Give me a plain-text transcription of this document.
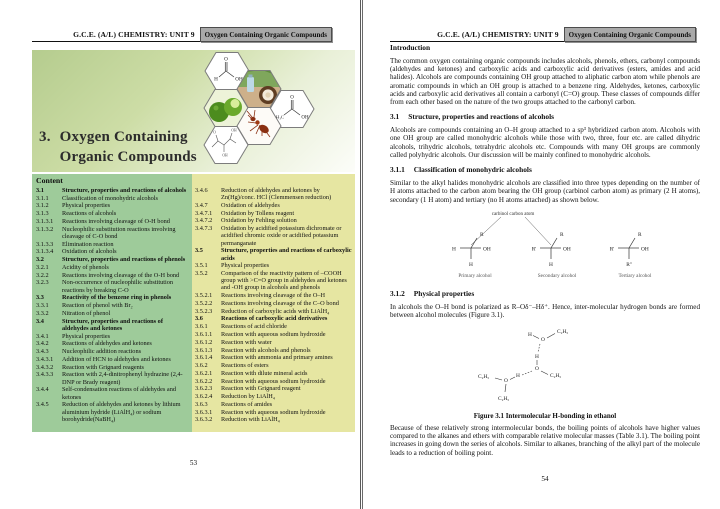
G.C.E. (A/L) CHEMISTRY: UNIT 9	Oxygen Containing Organic Compounds
3. Oxygen Containing
Organic Compounds
O
H	OH
O
H₃C	OH
OH
O	OH
Content
3.1	Structure, properties and reactions of alcohols
3.1.1	Classification of monohydric alcohols
3.1.2	Physical properties
3.1.3	Reactions of alcohols
3.1.3.1	Reactions involving cleavage of O-H bond
3.1.3.2	Nucleophilic substitution reactions involving cleavage of C-O bond
3.1.3.3	Elimination reaction
3.1.3.4	Oxidation of alcohols
3.2	Structure, properties and reactions of phenols
3.2.1	Acidity of phenols
3.2.2	Reactions involving cleavage of the O-H bond
3.2.3	Non-occurrence of nucleophilic substitution reactions by breaking C-O
3.3	Reactivity of the benzene ring in phenols
3.3.1	Reaction of phenol with Br₂
3.3.2	Nitration of phenol
3.4	Structure, properties and reactions of aldehydes and ketones
3.4.1	Physical properties
3.4.2	Reactions of aldehydes and ketones
3.4.3	Nucleophilic addition reactions
3.4.3.1	Addition of HCN to aldehydes and ketones
3.4.3.2	Reaction with Grignard reagents
3.4.3.3	Reaction with 2,4-dinitrophenyl hydrazine (2,4-DNP or Brady reagent)
3.4.4	Self-condensation reactions of aldehydes and ketones
3.4.5	Reduction of aldehydes and ketones by lithium aluminium hydride (LiAlH₄) or sodium borohydride(NaBH₄)
3.4.6	Reduction of aldehydes and ketones by Zn(Hg)/conc. HCl (Clemmensen reduction)
3.4.7	Oxidation of aldehydes
3.4.7.1	Oxidation by Tollens reagent
3.4.7.2	Oxidation by Fehling solution
3.4.7.3	Oxidation by acidified potassium dichromate or acidified chromic oxide or acidified potassium permanganate
3.5	Structure, properties and reactions of carboxylic acids
3.5.1	Physical properties
3.5.2	Comparison of the reactivity pattern of –COOH group with >C=O group in aldehydes and ketones and -OH group in alcohols and phenols
3.5.2.1	Reactions involving cleavage of the O–H
3.5.2.2	Reactions involving cleavage of the C–O bond
3.5.2.3	Reduction of carboxylic acids with LiAlH₄
3.6	Reactions of carboxylic acid derivatives
3.6.1	Reactions of acid chloride
3.6.1.1	Reaction with aqueous sodium hydroxide
3.6.1.2	Reaction with water
3.6.1.3	Reaction with alcohols and phenols
3.6.1.4	Reaction with ammonia and primary amines
3.6.2	Reactions of esters
3.6.2.1	Reaction with dilute mineral acids
3.6.2.2	Reaction with aqueous sodium hydroxide
3.6.2.3	Reaction with Grignard reagent
3.6.2.4	Reduction by LiAlH₄
3.6.3	Reactions of amides
3.6.3.1	Reaction with aqueous sodium hydroxide
3.6.3.2	Reduction with LiAlH₄
53
G.C.E. (A/L) CHEMISTRY: UNIT 9	Oxygen Containing Organic Compounds
Introduction

The common oxygen containing organic compounds includes alcohols, phenols, ethers, carbonyl compounds (aldehydes and ketones) and carboxylic acids and carboxylic acid derivatives (esters, amides and acid halides). Alcohols are compounds containing OH group attached to aliphatic carbon atom while phenols are aromatic compounds in which an OH group is attached to a benzene ring. Aldehydes, ketones, carboxylic acids and carboxylic acid derivatives all contain a carbonyl (C=O) group. These classes of compounds differ from each other based on the nature of the two groups attached to the carbonyl carbon.

3.1 Structure, properties and reactions of alcohols

Alcohols are compounds containing an O–H group attached to a sp³ hybridized carbon atom. Alcohols with one OH group are called monohydric alcohols while those with two, three, four etc. are called dihydric alcohols, trihydric alcohols, tetrahydric alcohols etc. Compounds with many OH groups are commonly called polyhydric alcohols. Our discussion will be mainly confined to monohydric alcohols.

3.1.1 Classification of monohydric alcohols

Similar to the alkyl halides monohydric alcohols are classified into three types depending on the number of H atoms attached to the carbon atom bearing the OH group (carbinol carbon atom) as primary (2 H atoms), secondary (1 H atom) and tertiary (no H atoms attached) as shown below.

carbinol carbon atom
R
H
H
OH
Primary alcohol
R
R'
H
OH
Secondary alcohol
R
R'
R''
OH
Tertiary alcohol
3.1.2 Physical properties

In alcohols the O–H bond is polarized as R–Oδ⁻–Hδ⁺. Hence, inter-molecular hydrogen bonds are formed between alcohol molecules (Figure 3.1).

H
O
C₂H₅
H
O
C₂H₅
C₂H₅
O
H
C₂H₅
Figure 3.1 Intermolecular H-bonding in ethanol

Because of these relatively strong intermolecular bonds, the boiling points of alcohols have higher values compared to the alkanes and ethers with comparable relative molecular masses (Table 3.1). The boiling point increases in going down the series of alcohols. Similar to alkanes, branching of the alkyl part of the molecule leads to a reduction of boiling point.

54
